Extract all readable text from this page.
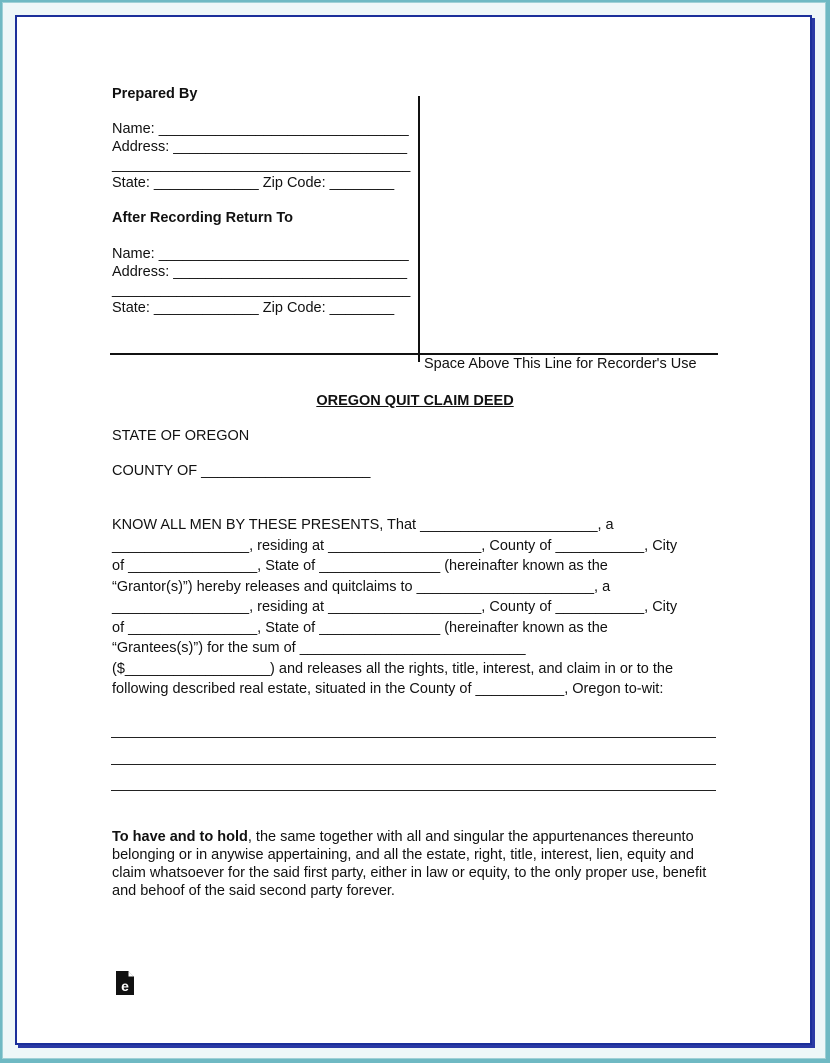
Prepared By
Name: _______________________________
Address: _____________________________
_____________________________________
State: _____________ Zip Code: ________
After Recording Return To
Name: _______________________________
Address: _____________________________
_____________________________________
State: _____________ Zip Code: ________
Space Above This Line for Recorder's Use
OREGON QUIT CLAIM DEED
STATE OF OREGON
COUNTY OF _____________________
KNOW ALL MEN BY THESE PRESENTS, That ______________________, a
_________________, residing at ___________________, County of ___________, City
of ________________, State of _______________ (hereinafter known as the
“Grantor(s)”) hereby releases and quitclaims to ______________________, a
_________________, residing at ___________________, County of ___________, City
of ________________, State of _______________ (hereinafter known as the
“Grantees(s)”) for the sum of ____________________________
($__________________) and releases all the rights, title, interest, and claim in or to the
following described real estate, situated in the County of ___________, Oregon to-wit:
To have and to hold, the same together with all and singular the appurtenances thereunto belonging or in anywise appertaining, and all the estate, right, title, interest, lien, equity and claim whatsoever for the said first party, either in law or equity, to the only proper use, benefit and behoof of the said second party forever.
e
